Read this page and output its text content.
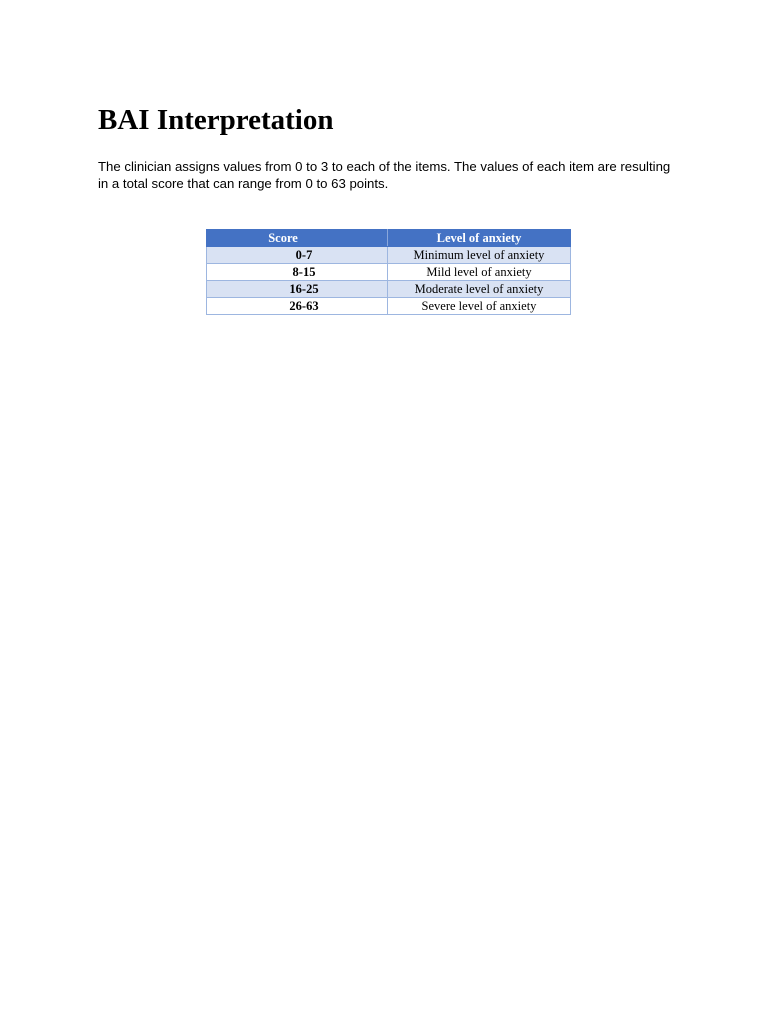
BAI Interpretation

The clinician assigns values from 0 to 3 to each of the items. The values of each item are resulting in a total score that can range from 0 to 63 points.

Score	Level of anxiety
0-7	Minimum level of anxiety
8-15	Mild level of anxiety
16-25	Moderate level of anxiety
26-63	Severe level of anxiety
